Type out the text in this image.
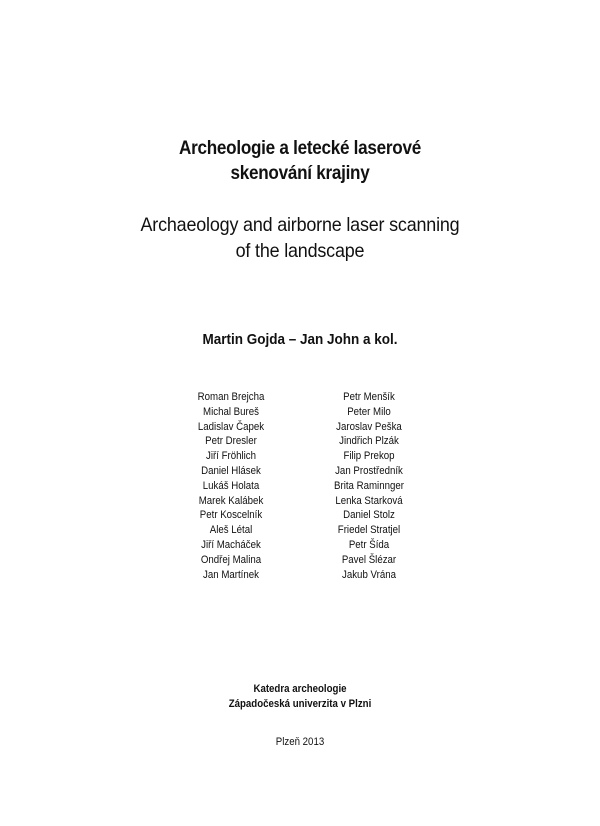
Archeologie a letecké laserové
skenování krajiny
Archaeology and airborne laser scanning
of the landscape
Martin Gojda – Jan John a kol.
Roman Brejcha
Michal Bureš
Ladislav Čapek
Petr Dresler
Jiří Fröhlich
Daniel Hlásek
Lukáš Holata
Marek Kalábek
Petr Koscelník
Aleš Létal
Jiří Macháček
Ondřej Malina
Jan Martínek
Petr Menšík
Peter Milo
Jaroslav Peška
Jindřich Plzák
Filip Prekop
Jan Prostředník
Brita Raminnger
Lenka Starková
Daniel Stolz
Friedel Stratjel
Petr Šída
Pavel Šlézar
Jakub Vrána
Katedra archeologie
Západočeská univerzita v Plzni
Plzeň 2013
